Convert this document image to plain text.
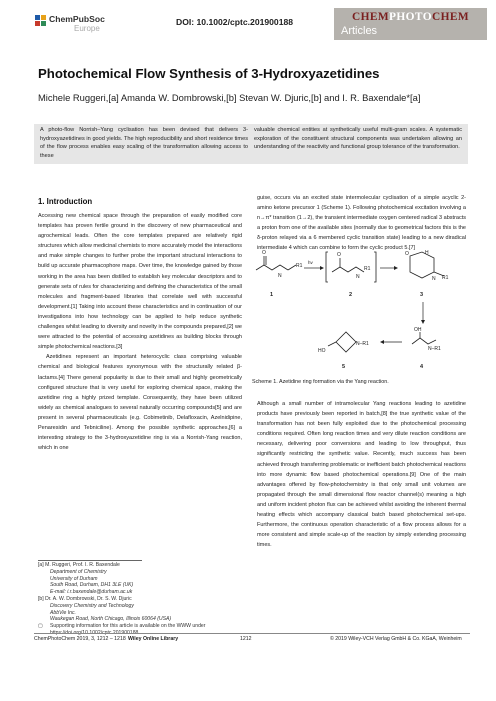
ChemPubSoc
Europe
DOI: 10.1002/cptc.201900188	CHEMPHOTOCHEM
Articles
Photochemical Flow Synthesis of 3-Hydroxyazetidines
Michele Ruggeri,[a] Amanda W. Dombrowski,[b] Stevan W. Djuric,[b] and I. R. Baxendale*[a]
A photo-flow Norrish–Yang cyclisation has been devised that delivers 3-hydroxyazetidines in good yields. The high reproducibility and short residence times of the flow process enables easy scaling of the transformation allowing access to these
valuable chemical entities at synthetically useful multi-gram scales. A systematic exploration of the constituent structural components was undertaken allowing an understanding of the reactivity and functional group tolerance of the transformation.
1. Introduction

Accessing new chemical space through the preparation of easily modified core templates has proven fertile ground in the discovery of new pharmaceutical and agrochemical leads. Often the core templates prepared are relatively rigid structures which allow medicinal chemists to more accurately model the interactions and make simple changes to further probe the important structural interactions to build up accurate pharmacophore maps. Over time, the knowledge gained by those working in the area has been distilled to establish key molecular descriptors and to generate sets of rules for characterizing and defining the characteristics of the small molecules and fragment-based libraries that correlate well with successful development.[1] Taking into account these characteristics and in continuation of our investigations into how technology can be applied to help reduce synthetic challenges whilst leading to diversity and novelty in the compounds prepared,[2] we were attracted to the potential of accessing azetidines as building blocks through simple photochemical reactions.[3]

Azetidines represent an important heterocyclic class comprising valuable chemical and biological features synonymous with the structurally related β-lactams.[4] There general popularity is due to their small and highly geometrically configured structure that is very useful for exploring chemical space, making the azetidine ring a highly prized template. Consequently, they have been utilized widely as chemical analogues to several naturally occurring compounds[5] and are present in several pharmaceuticals (e.g. Cobimetinib, Delafloxacin, Azelnidipine, Penaresidin and Tebniciline). Among the possible synthetic approaches,[6] a interesting strategy to the 3-hydroxyazetidine ring is via a Norrish-Yang reaction, which in one

guise, occurs via an excited state intermolecular cyclisation of a simple acyclic 2-amino ketone precursor 1 (Scheme 1). Following photochemical excitation involving a n→π* transition (1→2), the transient intermediate oxygen centered radical 3 abstracts a proton from one of the available sites (normally due to geometrical factors this is the δ-proton relayed via a 6 membered cyclic transition state) leading to a new diradical intermediate 4 which can combine to form the cyclic product 5.[7]
O
N
R1
1
hv
O
N
R1
2
O	H
N R1
3
OH
N–R1
4
HO
N–R1
5
Scheme 1. Azetidine ring formation via the Yang reaction.
Although a small number of intramolecular Yang reactions leading to azetidine products have previously been reported in batch,[8] the true synthetic value of the transformation has not been fully exploited due to the photochemical processing conditions required. Often long reaction times and very dilute reaction conditions are necessary, delivering poor conversions and leading to low throughput, thus significantly restricting the synthetic value. Recently, much success has been achieved through transferring problematic or inefficient batch photochemical reactions into more dynamic flow based photochemical operations.[9] One of the main advantages offered by flow-photochemistry is that only small unit volumes are propagated through the small dimensional flow reactor channel(s) meaning a high and uniform incident photon flux can be achieved whilst avoiding the inherent thermal heating effects which accompany classical batch based photochemical set-ups. Furthermore, the continuous operation characteristic of a flow process allows for a more consistent and simple scale-up of the reaction by simply extending processing times.
[a] M. Ruggeri, Prof. I. R. Baxendale
Department of Chemistry
University of Durham
South Road, Durham, DH1 3LE (UK)
E-mail: i.r.baxendale@durham.ac.uk
[b] Dr. A. W. Dombrowski, Dr. S. W. Djuric
Discovery Chemistry and Technology
AbbVie Inc.
Waukegan Road, North Chicago, Illinois 60064 (USA)
▢ Supporting information for this article is available on the WWW under
https://doi.org/10.1002/cptc.201900188
ChemPhotoChem 2019, 3, 1212 – 1218 Wiley Online Library	1212	© 2019 Wiley-VCH Verlag GmbH & Co. KGaA, Weinheim
